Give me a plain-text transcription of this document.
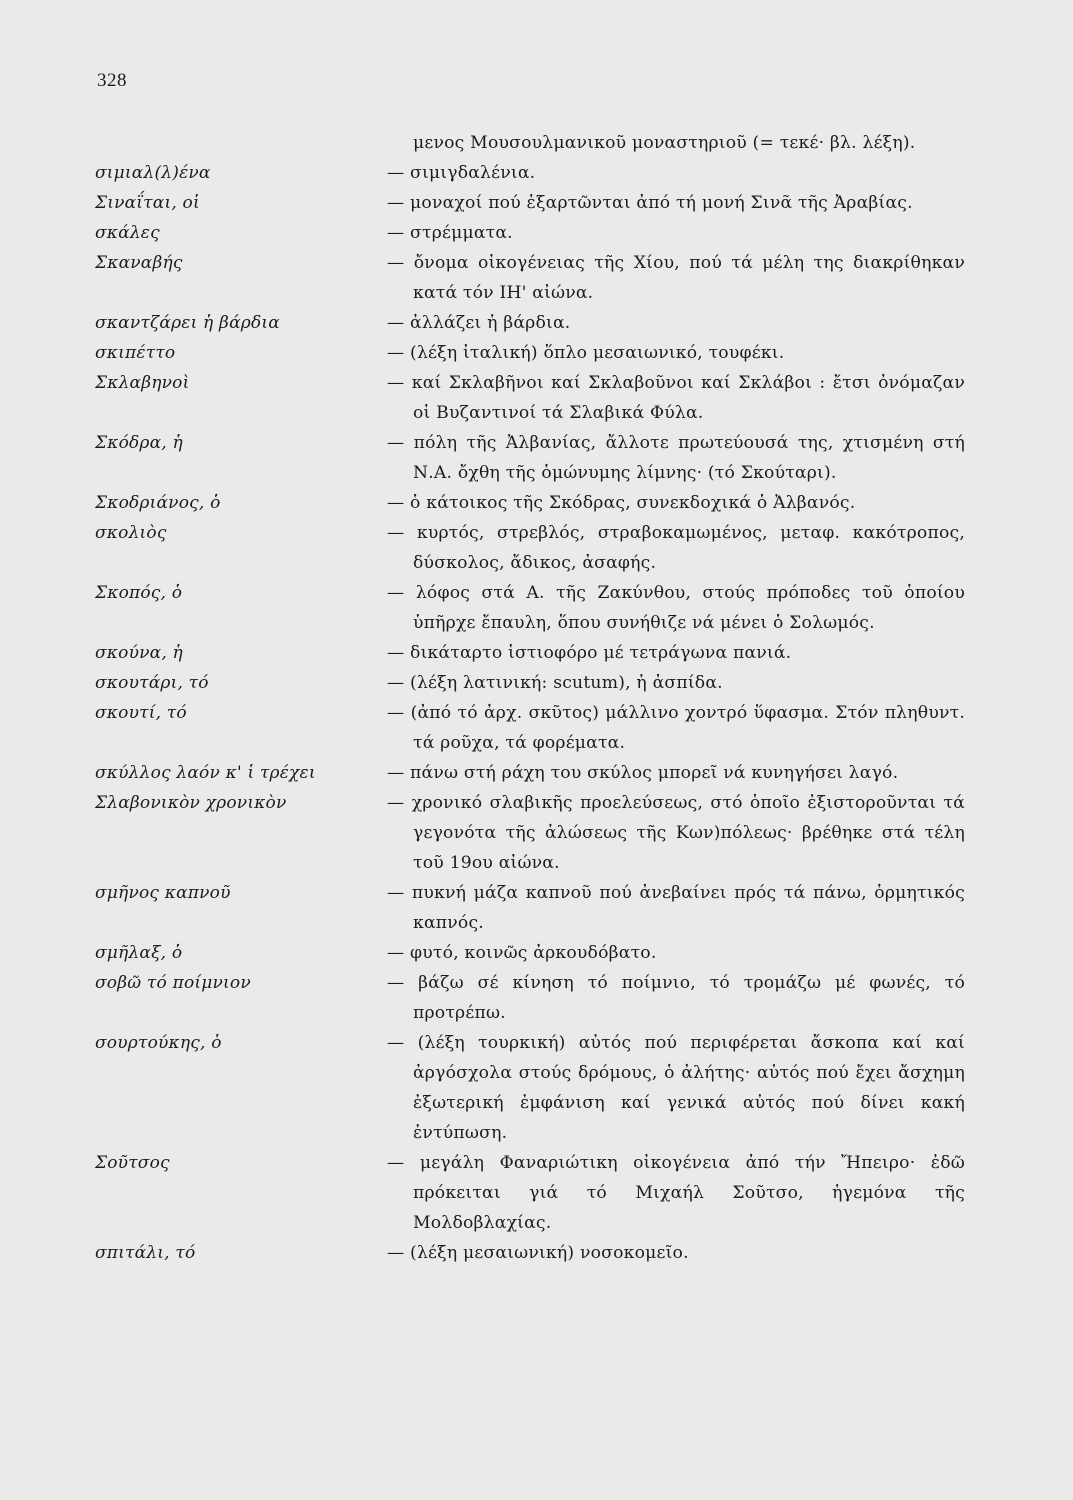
328
μενος Μουσουλμανικοῦ μοναστηριοῦ (= τεκέ· βλ. λέξη).
σιμιαλ(λ)ένα	— σιμιγδαλένια.
Σιναΐται, οἱ	— μοναχοί πού ἐξαρτῶνται ἀπό τή μονή Σινᾶ τῆς Ἀραβίας.
σκάλες	— στρέμματα.
Σκαναβής	— ὄνομα οἰκογένειας τῆς Χίου, πού τά μέλη της διακρίθηκαν κατά τόν ΙΗ' αἰώνα.
σκαντζάρει ἡ βάρδια	— ἀλλάζει ἡ βάρδια.
σκιπέττο	— (λέξη ἰταλική) ὅπλο μεσαιωνικό, τουφέκι.
Σκλαβηνοὶ	— καί Σκλαβῆνοι καί Σκλαβοῦνοι καί Σκλάβοι : ἔτσι ὀνόμαζαν οἱ Βυζαντινοί τά Σλαβικά Φύλα.
Σκόδρα, ἡ	— πόλη τῆς Ἀλβανίας, ἄλλοτε πρωτεύουσά της, χτισμένη στή Ν.Α. ὄχθη τῆς ὁμώνυμης λίμνης· (τό Σκούταρι).
Σκοδριάνος, ὁ	— ὁ κάτοικος τῆς Σκόδρας, συνεκδοχικά ὁ Ἀλβανός.
σκολιὸς	— κυρτός, στρεβλός, στραβοκαμωμένος, μεταφ. κακότροπος, δύσκολος, ἄδικος, ἀσαφής.
Σκοπός, ὁ	— λόφος στά Α. τῆς Ζακύνθου, στούς πρόποδες τοῦ ὁποίου ὑπῆρχε ἔπαυλη, ὅπου συνήθιζε νά μένει ὁ Σολωμός.
σκούνα, ἡ	— δικάταρτο ἱστιοφόρο μέ τετράγωνα πανιά.
σκουτάρι, τό	— (λέξη λατινική: scutum), ἡ ἀσπίδα.
σκουτί, τό	— (ἀπό τό ἀρχ. σκῦτος) μάλλινο χοντρό ὕφασμα. Στόν πληθυντ. τά ροῦχα, τά φορέματα.
σκύλλος λαόν κ' ἱ τρέχει	— πάνω στή ράχη του σκύλος μπορεῖ νά κυνηγήσει λαγό.
Σλαβονικὸν χρονικὸν	— χρονικό σλαβικῆς προελεύσεως, στό ὁποῖο ἐξιστοροῦνται τά γεγονότα τῆς ἁλώσεως τῆς Κων)πόλεως· βρέθηκε στά τέλη τοῦ 19ου αἰώνα.
σμῆνος καπνοῦ	— πυκνή μάζα καπνοῦ πού ἀνεβαίνει πρός τά πάνω, ὁρμητικός καπνός.
σμῆλαξ, ὁ	— φυτό, κοινῶς ἀρκουδόβατο.
σοβῶ τό ποίμνιον	— βάζω σέ κίνηση τό ποίμνιο, τό τρομάζω μέ φωνές, τό προτρέπω.
σουρτούκης, ὁ	— (λέξη τουρκική) αὐτός πού περιφέρεται ἄσκοπα καί καί ἀργόσχολα στούς δρόμους, ὁ ἀλήτης· αὐτός πού ἔχει ἄσχημη ἐξωτερική ἐμφάνιση καί γενικά αὐτός πού δίνει κακή ἐντύπωση.
Σοῦτσος	— μεγάλη Φαναριώτικη οἰκογένεια ἀπό τήν Ἤπειρο· ἐδῶ πρόκειται γιά τό Μιχαήλ Σοῦτσο, ἡγεμόνα τῆς Μολδοβλαχίας.
σπιτάλι, τό	— (λέξη μεσαιωνική) νοσοκομεῖο.
